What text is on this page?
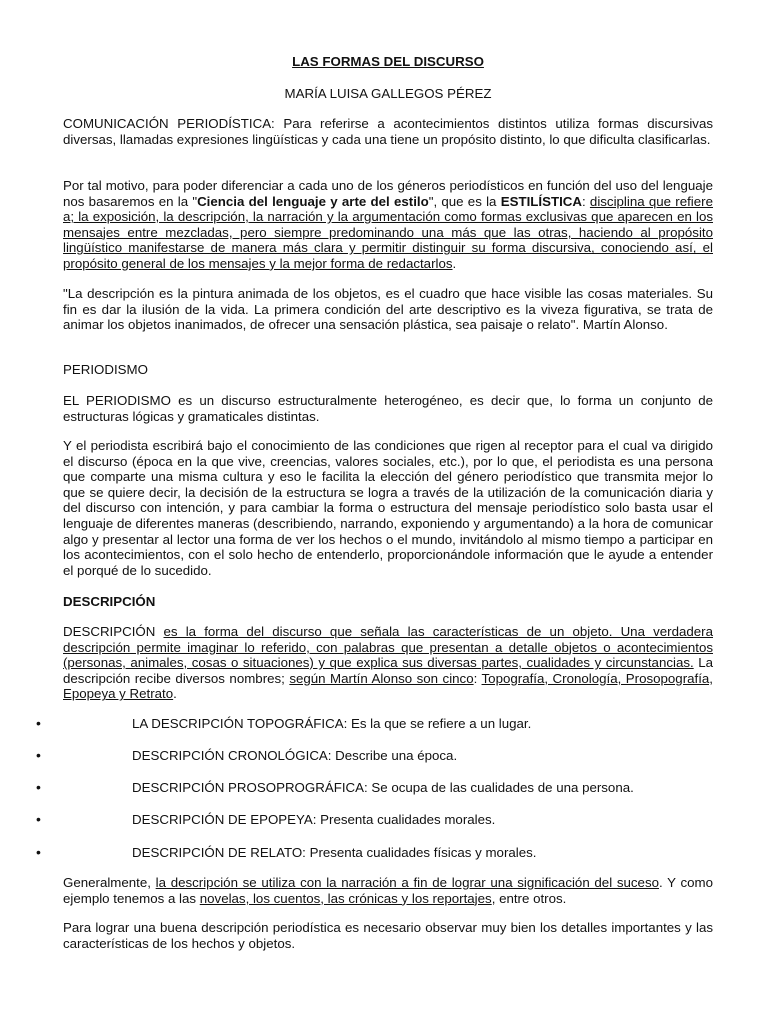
LAS FORMAS DEL DISCURSO
MARÍA LUISA GALLEGOS PÉREZ

COMUNICACIÓN PERIODÍSTICA: Para referirse a acontecimientos distintos utiliza formas discursivas diversas, llamadas expresiones lingüísticas y cada una tiene un propósito distinto, lo que dificulta clasificarlas.

Por tal motivo, para poder diferenciar a cada uno de los géneros periodísticos en función del uso del lenguaje nos basaremos en la "Ciencia del lenguaje y arte del estilo", que es la ESTILÍSTICA: disciplina que refiere a; la exposición, la descripción, la narración y la argumentación como formas exclusivas que aparecen en los mensajes entre mezcladas, pero siempre predominando una más que las otras, haciendo al propósito lingüístico manifestarse de manera más clara y permitir distinguir su forma discursiva, conociendo así, el propósito general de los mensajes y la mejor forma de redactarlos.

"La descripción es la pintura animada de los objetos, es el cuadro que hace visible las cosas materiales. Su fin es dar la ilusión de la vida. La primera condición del arte descriptivo es la viveza figurativa, se trata de animar los objetos inanimados, de ofrecer una sensación plástica, sea paisaje o relato". Martín Alonso.

PERIODISMO

EL PERIODISMO es un discurso estructuralmente heterogéneo, es decir que, lo forma un conjunto de estructuras lógicas y gramaticales distintas.

Y el periodista escribirá bajo el conocimiento de las condiciones que rigen al receptor para el cual va dirigido el discurso (época en la que vive, creencias, valores sociales, etc.), por lo que, el periodista es una persona que comparte una misma cultura y eso le facilita la elección del género periodístico que transmita mejor lo que se quiere decir, la decisión de la estructura se logra a través de la utilización de la comunicación diaria y del discurso con intención, y para cambiar la forma o estructura del mensaje periodístico solo basta usar el lenguaje de diferentes maneras (describiendo, narrando, exponiendo y argumentando) a la hora de comunicar algo y presentar al lector una forma de ver los hechos o el mundo, invitándolo al mismo tiempo a participar en los acontecimientos, con el solo hecho de entenderlo, proporcionándole información que le ayude a entender el porqué de lo sucedido.

DESCRIPCIÓN

DESCRIPCIÓN es la forma del discurso que señala las características de un objeto. Una verdadera descripción permite imaginar lo referido, con palabras que presentan a detalle objetos o acontecimientos (personas, animales, cosas o situaciones) y que explica sus diversas partes, cualidades y circunstancias. La descripción recibe diversos nombres; según Martín Alonso son cinco: Topografía, Cronología, Prosopografía, Epopeya y Retrato.

•	LA DESCRIPCIÓN TOPOGRÁFICA: Es la que se refiere a un lugar.
•	DESCRIPCIÓN CRONOLÓGICA: Describe una época.
•	DESCRIPCIÓN PROSOPROGRÁFICA: Se ocupa de las cualidades de una persona.
•	DESCRIPCIÓN DE EPOPEYA: Presenta cualidades morales.
•	DESCRIPCIÓN DE RELATO: Presenta cualidades físicas y morales.

Generalmente, la descripción se utiliza con la narración a fin de lograr una significación del suceso. Y como ejemplo tenemos a las novelas, los cuentos, las crónicas y los reportajes, entre otros.

Para lograr una buena descripción periodística es necesario observar muy bien los detalles importantes y las características de los hechos y objetos.
